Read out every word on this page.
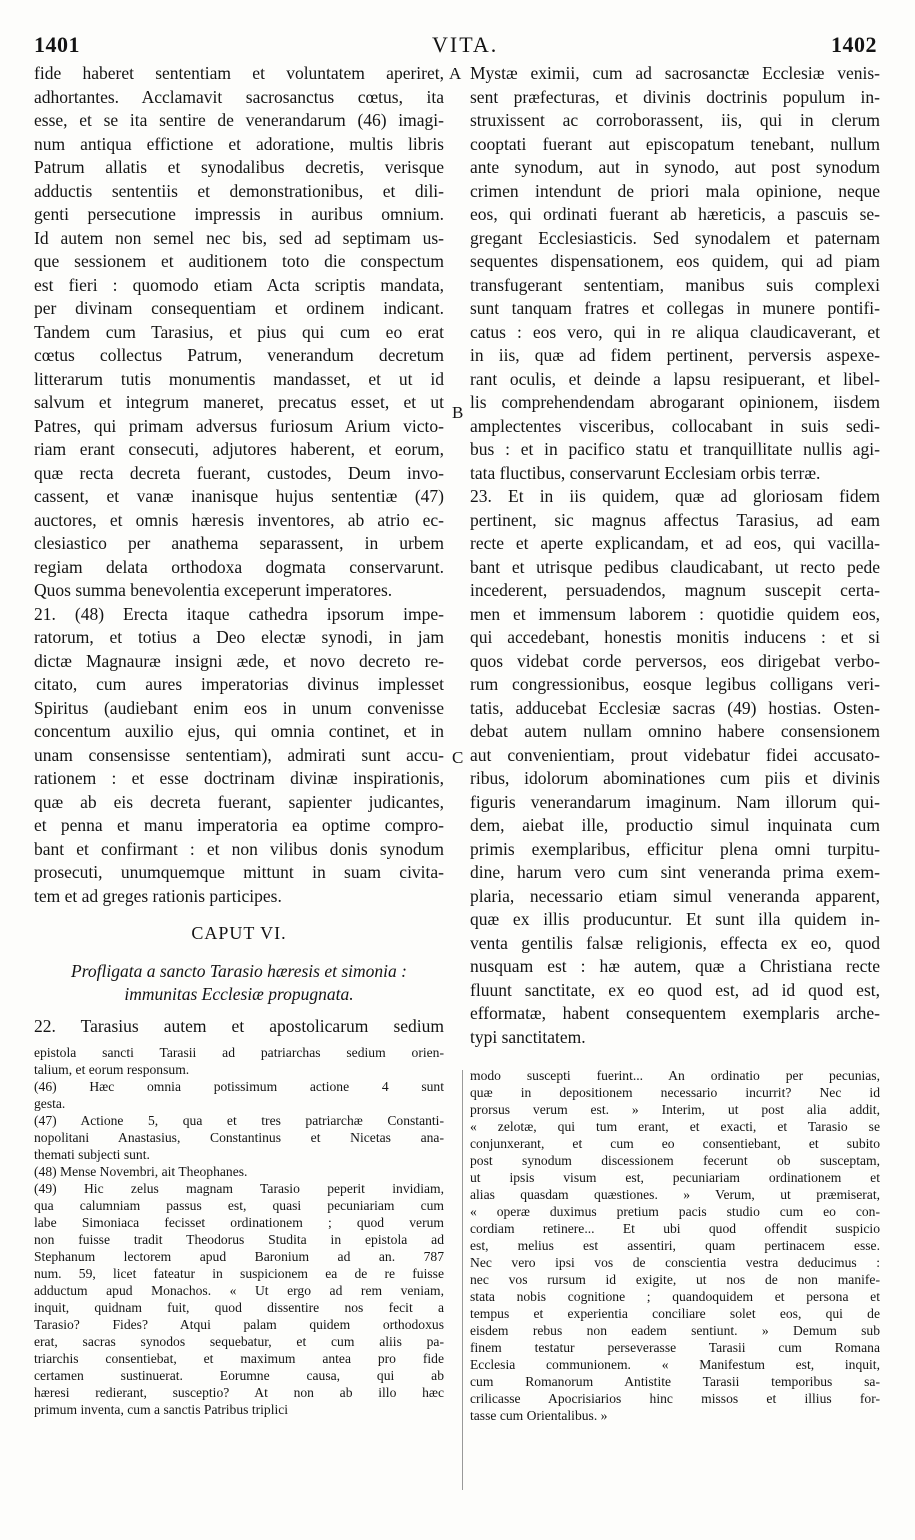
1401	VITA.	1402
A
B
C
fide haberet sententiam et voluntatem aperiret,
adhortantes. Acclamavit sacrosanctus cœtus, ita
esse, et se ita sentire de venerandarum (46) imagi-
num antiqua effictione et adoratione, multis libris
Patrum allatis et synodalibus decretis, verisque
adductis sententiis et demonstrationibus, et dili-
genti persecutione impressis in auribus omnium.
Id autem non semel nec bis, sed ad septimam us-
que sessionem et auditionem toto die conspectum
est fieri : quomodo etiam Acta scriptis mandata,
per divinam consequentiam et ordinem indicant.
Tandem cum Tarasius, et pius qui cum eo erat
cœtus collectus Patrum, venerandum decretum
litterarum tutis monumentis mandasset, et ut id
salvum et integrum maneret, precatus esset, et ut
Patres, qui primam adversus furiosum Arium victo-
riam erant consecuti, adjutores haberent, et eorum,
quæ recta decreta fuerant, custodes, Deum invo-
cassent, et vanæ inanisque hujus sententiæ (47)
auctores, et omnis hæresis inventores, ab atrio ec-
clesiastico per anathema separassent, in urbem
regiam delata orthodoxa dogmata conservarunt.
Quos summa benevolentia exceperunt imperatores.
21. (48) Erecta itaque cathedra ipsorum impe-
ratorum, et totius a Deo electæ synodi, in jam
dictæ Magnauræ insigni æde, et novo decreto re-
citato, cum aures imperatorias divinus implesset
Spiritus (audiebant enim eos in unum convenisse
concentum auxilio ejus, qui omnia continet, et in
unam consensisse sententiam), admirati sunt accu-
rationem : et esse doctrinam divinæ inspirationis,
quæ ab eis decreta fuerant, sapienter judicantes,
et penna et manu imperatoria ea optime compro-
bant et confirmant : et non vilibus donis synodum
prosecuti, unumquemque mittunt in suam civita-
tem et ad greges rationis participes.
CAPUT VI.
Profligata a sancto Tarasio hæresis et simonia :
immunitas Ecclesiæ propugnata.
22. Tarasius autem et apostolicarum sedium
epistola sancti Tarasii ad patriarchas sedium orien-
talium, et eorum responsum.
(46) Hæc omnia potissimum actione 4 sunt
gesta.
(47) Actione 5, qua et tres patriarchæ Constanti-
nopolitani Anastasius, Constantinus et Nicetas ana-
themati subjecti sunt.
(48) Mense Novembri, ait Theophanes.
(49) Hic zelus magnam Tarasio peperit invidiam,
qua calumniam passus est, quasi pecuniariam cum
labe Simoniaca fecisset ordinationem ; quod verum
non fuisse tradit Theodorus Studita in epistola ad
Stephanum lectorem apud Baronium ad an. 787
num. 59, licet fateatur in suspicionem ea de re fuisse
adductum apud Monachos. « Ut ergo ad rem veniam,
inquit, quidnam fuit, quod dissentire nos fecit a
Tarasio? Fides? Atqui palam quidem orthodoxus
erat, sacras synodos sequebatur, et cum aliis pa-
triarchis consentiebat, et maximum antea pro fide
certamen sustinuerat. Eorumne causa, qui ab
hæresi redierant, susceptio? At non ab illo hæc
primum inventa, cum a sanctis Patribus triplici
Mystæ eximii, cum ad sacrosanctæ Ecclesiæ venis-
sent præfecturas, et divinis doctrinis populum in-
struxissent ac corroborassent, iis, qui in clerum
cooptati fuerant aut episcopatum tenebant, nullum
ante synodum, aut in synodo, aut post synodum
crimen intendunt de priori mala opinione, neque
eos, qui ordinati fuerant ab hæreticis, a pascuis se-
gregant Ecclesiasticis. Sed synodalem et paternam
sequentes dispensationem, eos quidem, qui ad piam
transfugerant sententiam, manibus suis complexi
sunt tanquam fratres et collegas in munere pontifi-
catus : eos vero, qui in re aliqua claudicaverant, et
in iis, quæ ad fidem pertinent, perversis aspexe-
rant oculis, et deinde a lapsu resipuerant, et libel-
lis comprehendendam abrogarant opinionem, iisdem
amplectentes visceribus, collocabant in suis sedi-
bus : et in pacifico statu et tranquillitate nullis agi-
tata fluctibus, conservarunt Ecclesiam orbis terræ.
23. Et in iis quidem, quæ ad gloriosam fidem
pertinent, sic magnus affectus Tarasius, ad eam
recte et aperte explicandam, et ad eos, qui vacilla-
bant et utrisque pedibus claudicabant, ut recto pede
incederent, persuadendos, magnum suscepit certa-
men et immensum laborem : quotidie quidem eos,
qui accedebant, honestis monitis inducens : et si
quos videbat corde perversos, eos dirigebat verbo-
rum congressionibus, eosque legibus colligans veri-
tatis, adducebat Ecclesiæ sacras (49) hostias. Osten-
debat autem nullam omnino habere consensionem
aut convenientiam, prout videbatur fidei accusato-
ribus, idolorum abominationes cum piis et divinis
figuris venerandarum imaginum. Nam illorum qui-
dem, aiebat ille, productio simul inquinata cum
primis exemplaribus, efficitur plena omni turpitu-
dine, harum vero cum sint veneranda prima exem-
plaria, necessario etiam simul veneranda apparent,
quæ ex illis producuntur. Et sunt illa quidem in-
venta gentilis falsæ religionis, effecta ex eo, quod
nusquam est : hæ autem, quæ a Christiana recte
fluunt sanctitate, ex eo quod est, ad id quod est,
efformatæ, habent consequentem exemplaris arche-
typi sanctitatem.
modo suscepti fuerint... An ordinatio per pecunias,
quæ in depositionem necessario incurrit? Nec id
prorsus verum est. » Interim, ut post alia addit,
« zelotæ, qui tum erant, et exacti, et Tarasio se
conjunxerant, et cum eo consentiebant, et subito
post synodum discessionem fecerunt ob susceptam,
ut ipsis visum est, pecuniariam ordinationem et
alias quasdam quæstiones. » Verum, ut præmiserat,
« operæ duximus pretium pacis studio cum eo con-
cordiam retinere... Et ubi quod offendit suspicio
est, melius est assentiri, quam pertinacem esse.
Nec vero ipsi vos de conscientia vestra deducimus :
nec vos rursum id exigite, ut nos de non manife-
stata nobis cognitione ; quandoquidem et persona et
tempus et experientia conciliare solet eos, qui de
eisdem rebus non eadem sentiunt. » Demum sub
finem testatur perseverasse Tarasii cum Romana
Ecclesia communionem. « Manifestum est, inquit,
cum Romanorum Antistite Tarasii temporibus sa-
crilicasse Apocrisiarios hinc missos et illius for-
tasse cum Orientalibus. »
